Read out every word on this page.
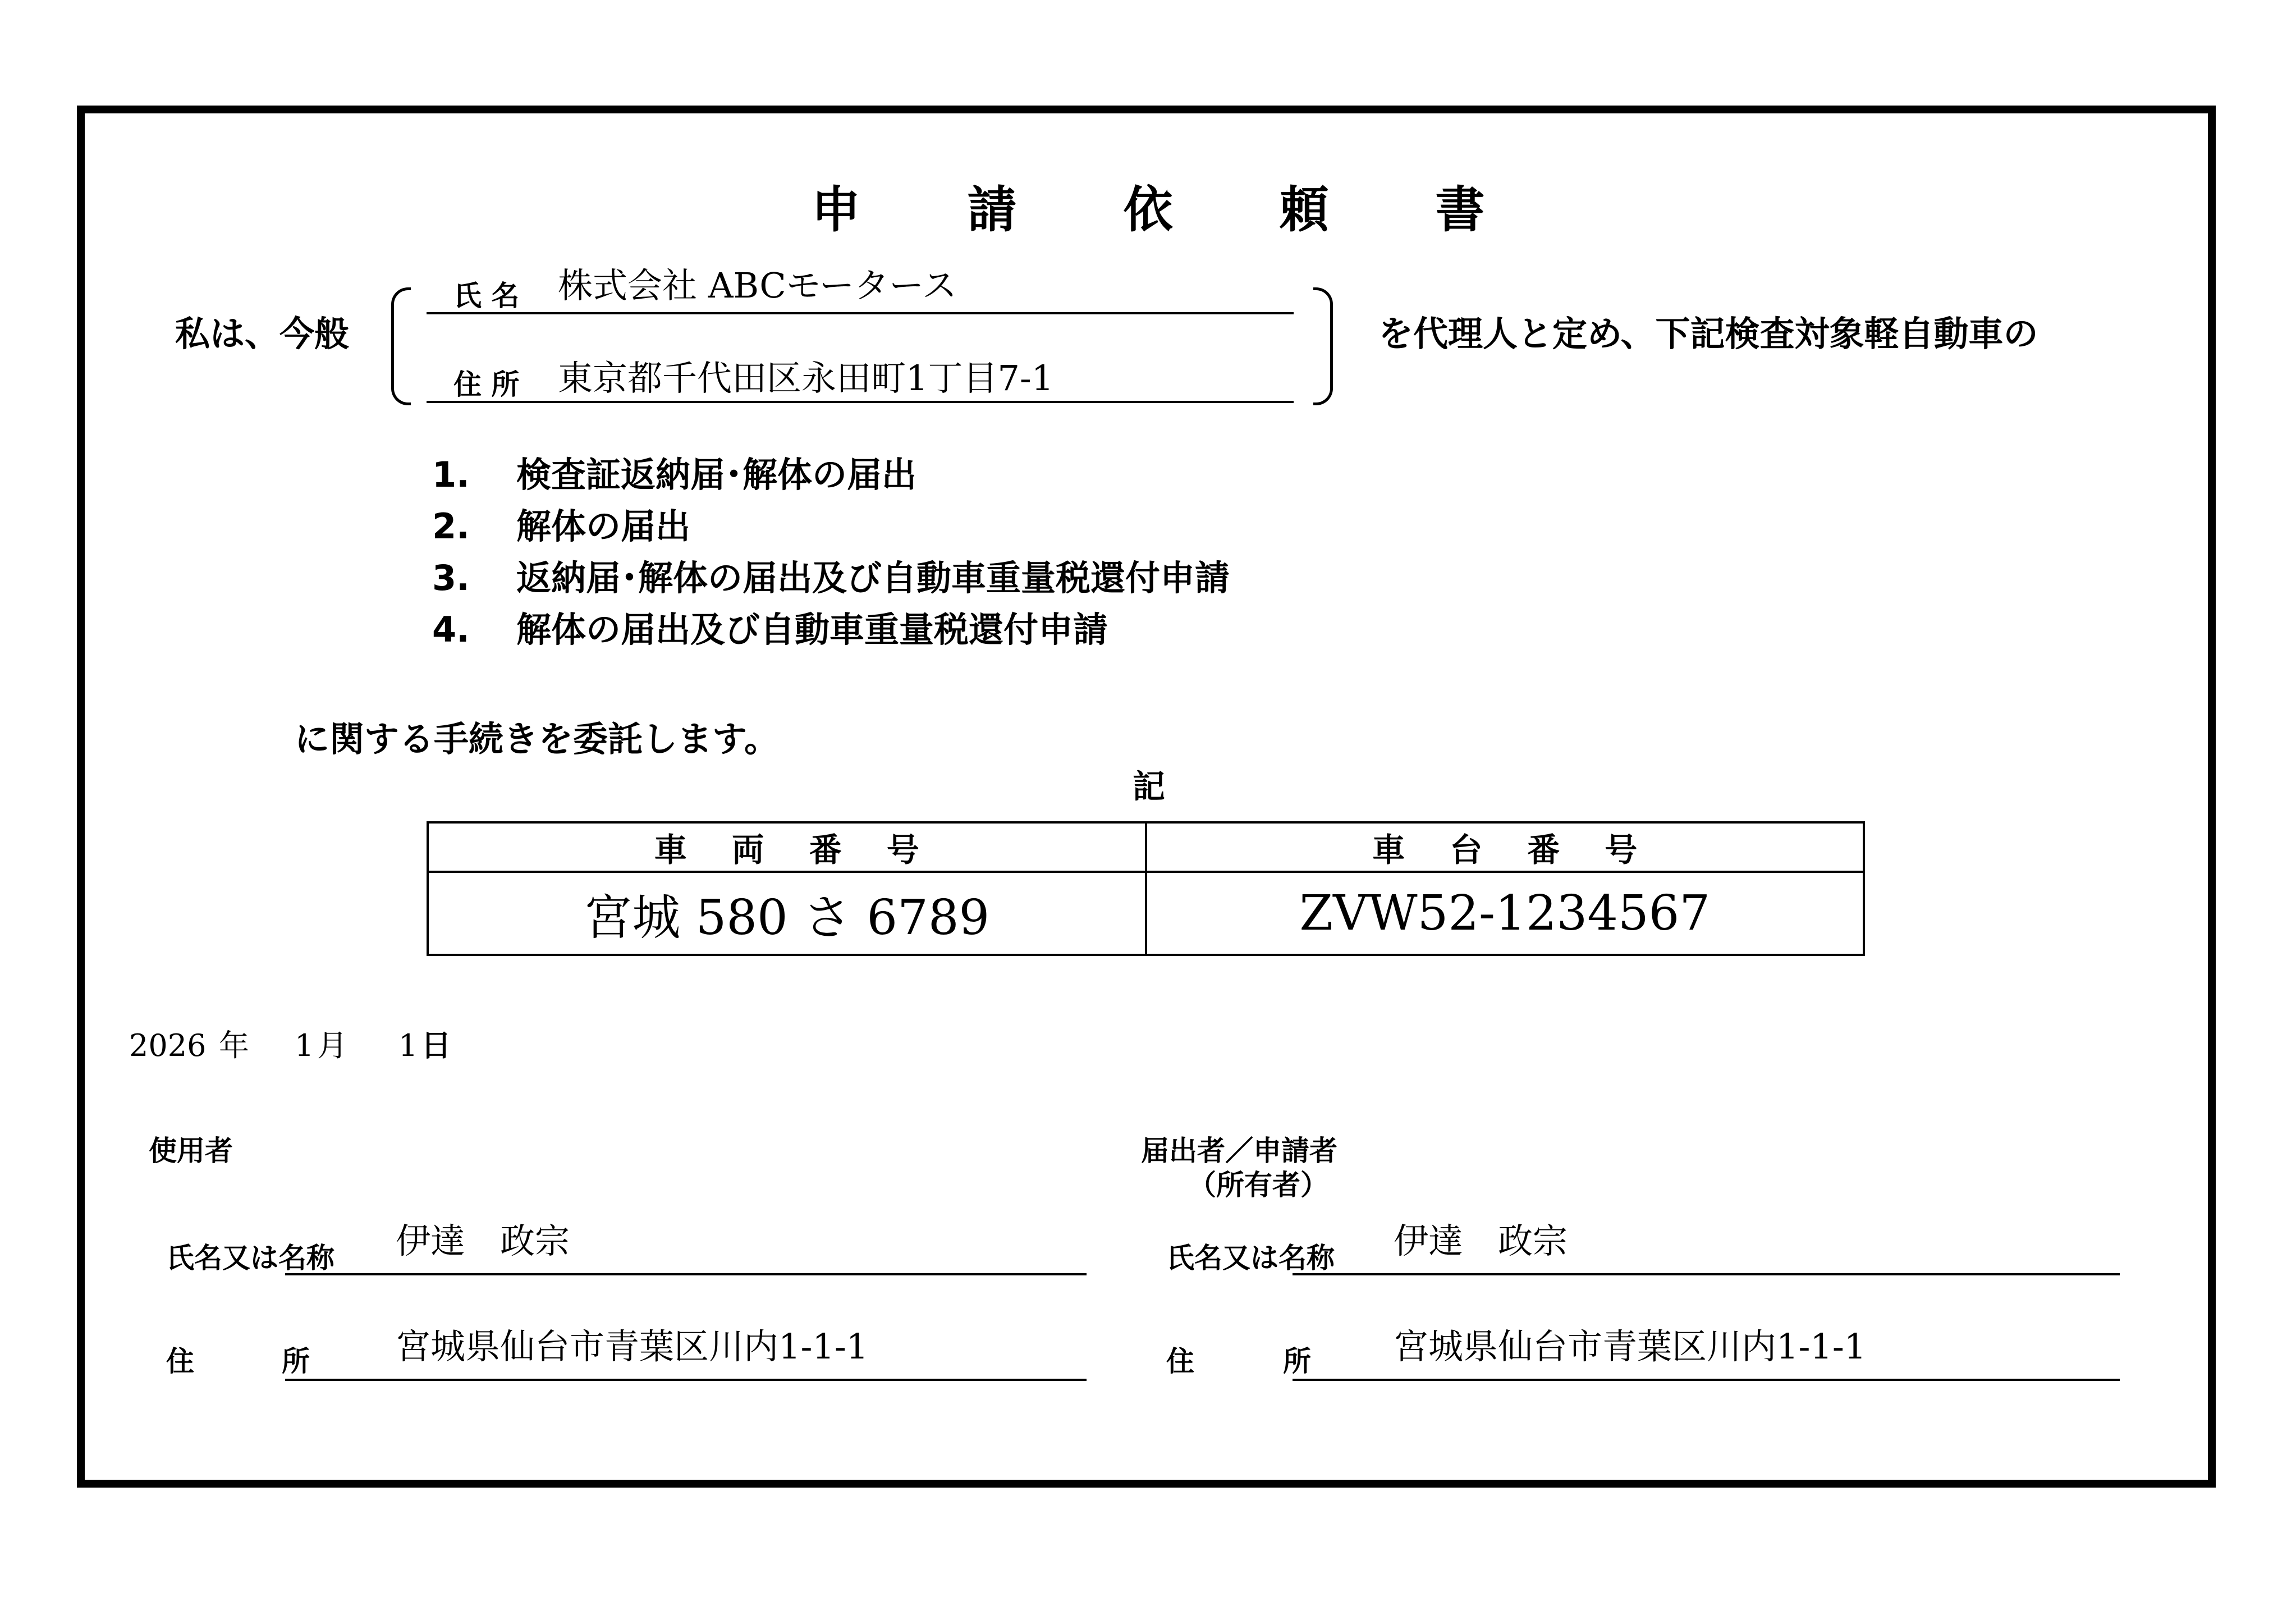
申請依頼書
私は、今般
氏 名 株式会社 ABCモータース
住 所 東京都千代田区永田町1丁目7-1
を代理人と定め、下記検査対象軽自動車の
1.	検査証返納届･解体の届出
2.	解体の届出
3.	返納届･解体の届出及び自動車重量税還付申請
4.	解体の届出及び自動車重量税還付申請
に関する手続きを委託します。
記
車両番号	車台番号
宮城 580 さ 6789	ZVW52-1234567
2026 年 1 月 1 日
使用者
氏名又は名称 伊達　政宗
住	所 宮城県仙台市青葉区川内1-1-1
届出者／申請者
（所有者）
氏名又は名称 伊達　政宗
住	所 宮城県仙台市青葉区川内1-1-1
